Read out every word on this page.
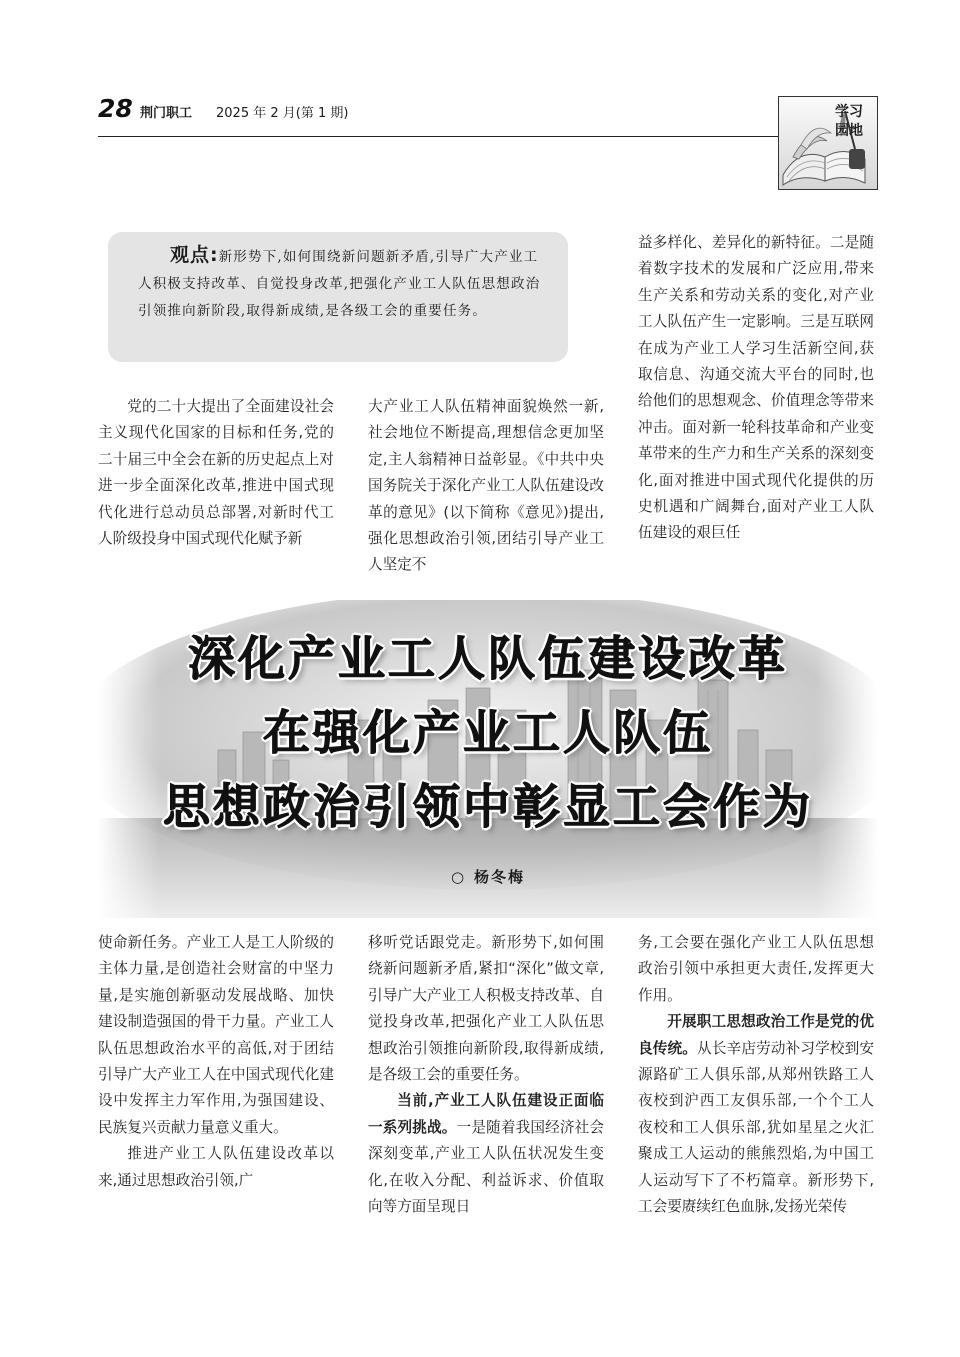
28 荆门职工 2025 年 2 月(第 1 期)	学习
园地
观点:新形势下,如何围绕新问题新矛盾,引导广大产业工人积极支持改革、自觉投身改革,把强化产业工人队伍思想政治引领推向新阶段,取得新成绩,是各级工会的重要任务。

党的二十大提出了全面建设社会主义现代化国家的目标和任务,党的二十届三中全会在新的历史起点上对进一步全面深化改革,推进中国式现代化进行总动员总部署,对新时代工人阶级投身中国式现代化赋予新

大产业工人队伍精神面貌焕然一新,社会地位不断提高,理想信念更加坚定,主人翁精神日益彰显。《中共中央国务院关于深化产业工人队伍建设改革的意见》(以下简称《意见》)提出,强化思想政治引领,团结引导产业工人坚定不

益多样化、差异化的新特征。二是随着数字技术的发展和广泛应用,带来生产关系和劳动关系的变化,对产业工人队伍产生一定影响。三是互联网在成为产业工人学习生活新空间,获取信息、沟通交流大平台的同时,也给他们的思想观念、价值理念等带来冲击。面对新一轮科技革命和产业变革带来的生产力和生产关系的深刻变化,面对推进中国式现代化提供的历史机遇和广阔舞台,面对产业工人队伍建设的艰巨任

深化产业工人队伍建设改革
在强化产业工人队伍
思想政治引领中彰显工会作为
○ 杨冬梅

使命新任务。产业工人是工人阶级的主体力量,是创造社会财富的中坚力量,是实施创新驱动发展战略、加快建设制造强国的骨干力量。产业工人队伍思想政治水平的高低,对于团结引导广大产业工人在中国式现代化建设中发挥主力军作用,为强国建设、民族复兴贡献力量意义重大。

推进产业工人队伍建设改革以来,通过思想政治引领,广

移听党话跟党走。新形势下,如何围绕新问题新矛盾,紧扣“深化”做文章,引导广大产业工人积极支持改革、自觉投身改革,把强化产业工人队伍思想政治引领推向新阶段,取得新成绩,是各级工会的重要任务。

当前,产业工人队伍建设正面临一系列挑战。一是随着我国经济社会深刻变革,产业工人队伍状况发生变化,在收入分配、利益诉求、价值取向等方面呈现日

务,工会要在强化产业工人队伍思想政治引领中承担更大责任,发挥更大作用。

开展职工思想政治工作是党的优良传统。从长辛店劳动补习学校到安源路矿工人俱乐部,从郑州铁路工人夜校到沪西工友俱乐部,一个个工人夜校和工人俱乐部,犹如星星之火汇聚成工人运动的熊熊烈焰,为中国工人运动写下了不朽篇章。新形势下,工会要赓续红色血脉,发扬光荣传
